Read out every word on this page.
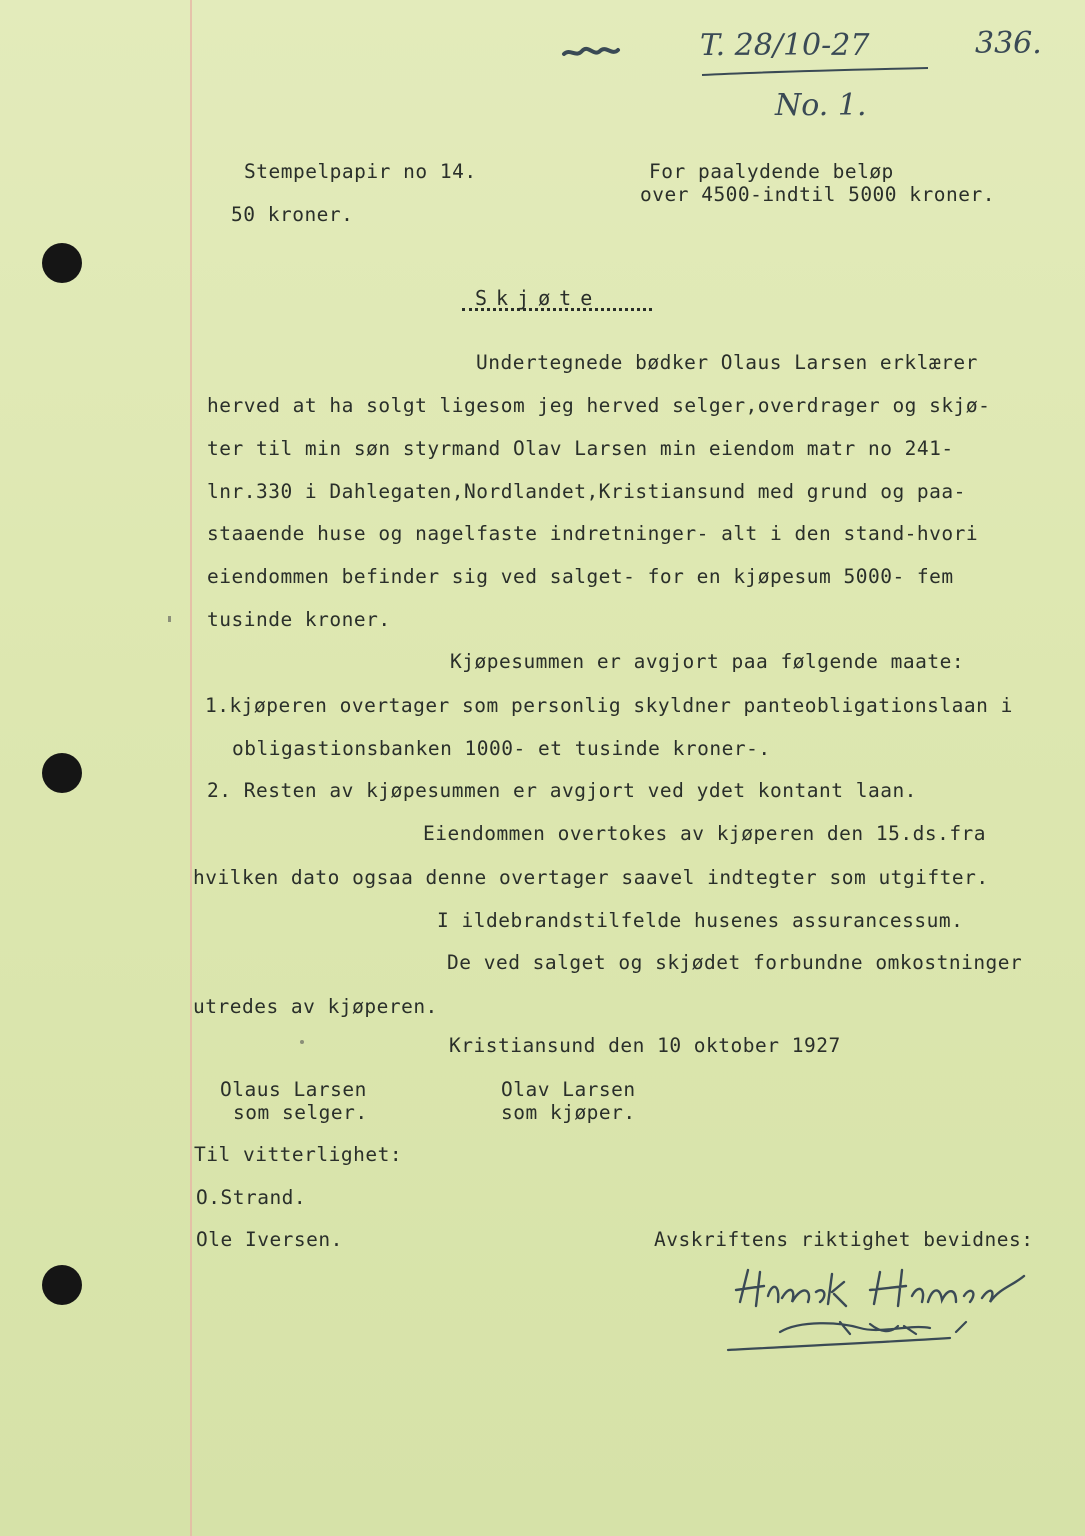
T. 28/10-27	336.
No. 1.
Stempelpapir no 14.
50 kroner.
For paalydende beløp
over 4500-indtil 5000 kroner.
Skjøte
Undertegnede bødker Olaus Larsen erklærer
herved at ha solgt ligesom jeg herved selger,overdrager og skjø-
ter til min søn styrmand Olav Larsen min eiendom matr no 241-
lnr.330 i Dahlegaten,Nordlandet,Kristiansund med grund og paa-
staaende huse og nagelfaste indretninger- alt i den stand-hvori
eiendommen befinder sig ved salget- for en kjøpesum 5000- fem
tusinde kroner.
Kjøpesummen er avgjort paa følgende maate:
1.kjøperen overtager som personlig skyldner panteobligationslaan i
obligastionsbanken 1000- et tusinde kroner-.
2. Resten av kjøpesummen er avgjort ved ydet kontant laan.
Eiendommen overtokes av kjøperen den 15.ds.fra
hvilken dato ogsaa denne overtager saavel indtegter som utgifter.
I ildebrandstilfelde husenes assurancessum.
De ved salget og skjødet forbundne omkostninger
utredes av kjøperen.
Kristiansund den 10 oktober 1927
Olaus Larsen
som selger.
Olav Larsen
som kjøper.
Til vitterlighet:
O.Strand.
Ole Iversen.	Avskriftens riktighet bevidnes:
